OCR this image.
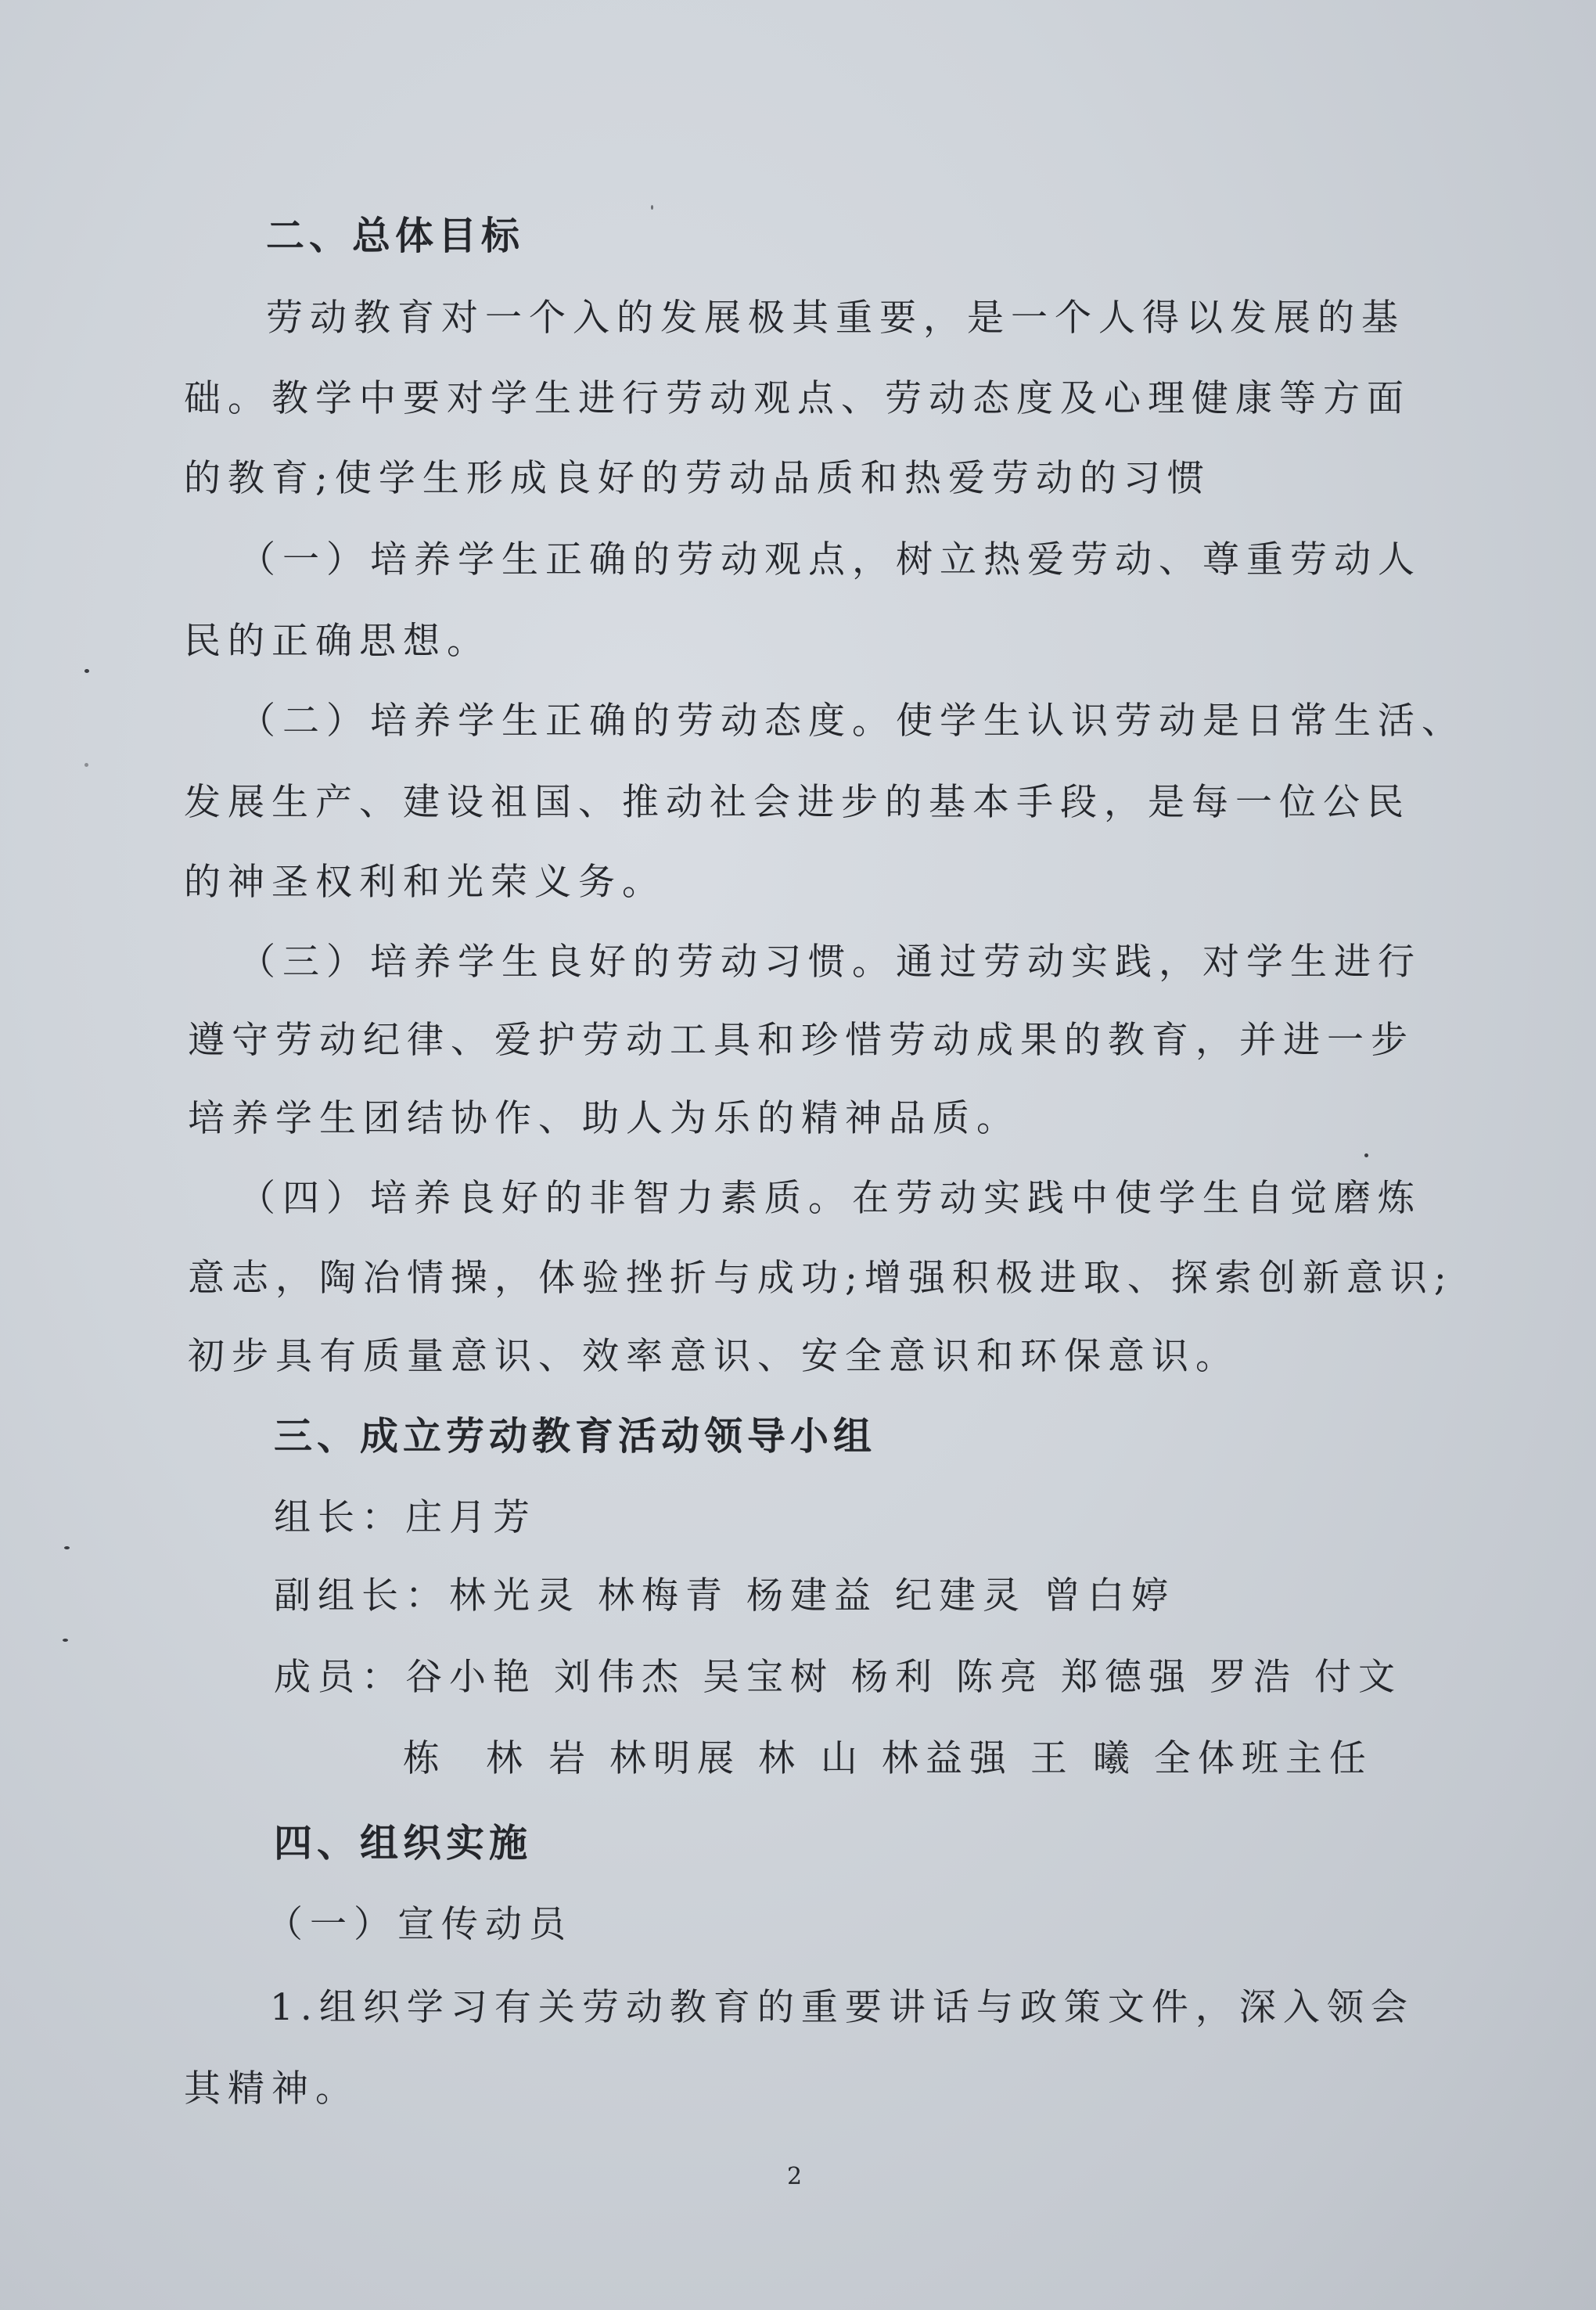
二、总体目标
劳动教育对一个入的发展极其重要，是一个人得以发展的基
础。教学中要对学生进行劳动观点、劳动态度及心理健康等方面
的教育;使学生形成良好的劳动品质和热爱劳动的习惯
（一）培养学生正确的劳动观点，树立热爱劳动、尊重劳动人
民的正确思想。
（二）培养学生正确的劳动态度。使学生认识劳动是日常生活、
发展生产、建设祖国、推动社会进步的基本手段，是每一位公民
的神圣权利和光荣义务。
（三）培养学生良好的劳动习惯。通过劳动实践，对学生进行
遵守劳动纪律、爱护劳动工具和珍惜劳动成果的教育，并进一步
培养学生团结协作、助人为乐的精神品质。
（四）培养良好的非智力素质。在劳动实践中使学生自觉磨炼
意志，陶冶情操，体验挫折与成功;增强积极进取、探索创新意识;
初步具有质量意识、效率意识、安全意识和环保意识。
三、成立劳动教育活动领导小组
组长：庄月芳
副组长：林光灵 林梅青 杨建益 纪建灵 曾白婷
成员：谷小艳 刘伟杰 吴宝树 杨利 陈亮 郑德强 罗浩 付文
栋 林 岩 林明展 林 山 林益强 王 曦 全体班主任
四、组织实施
（一）宣传动员
1.组织学习有关劳动教育的重要讲话与政策文件，深入领会
其精神。
2
